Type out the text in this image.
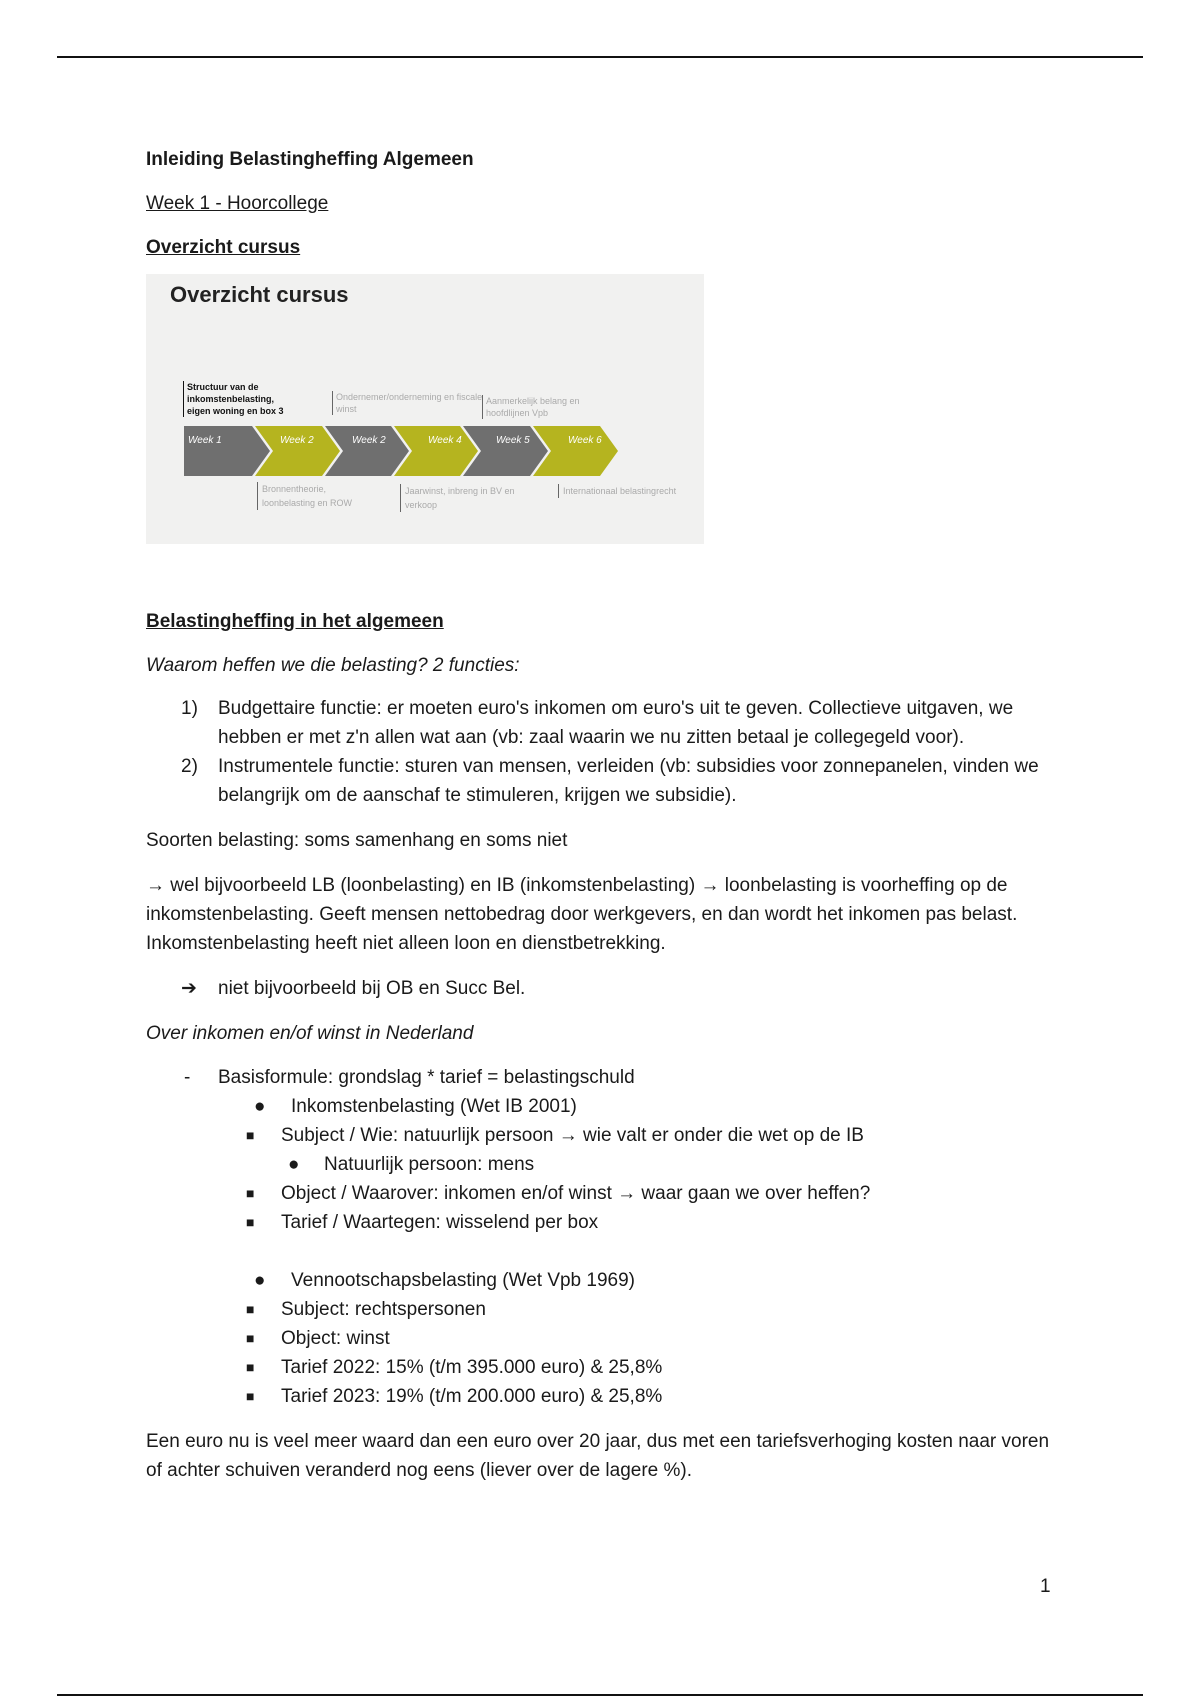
Inleiding Belastingheffing Algemeen

Week 1 - Hoorcollege

Overzicht cursus

Overzicht cursus
Structuur van de inkomstenbelasting, eigen woning en box 3
Ondernemer/onderneming en fiscale winst
Aanmerkelijk belang en hoofdlijnen Vpb
Week 1	Week 2	Week 2	Week 4	Week 5	Week 6
Bronnentheorie, loonbelasting en ROW
Jaarwinst, inbreng in BV en verkoop
Internationaal belastingrecht

Belastingheffing in het algemeen

Waarom heffen we die belasting? 2 functies:

1) Budgettaire functie: er moeten euro's inkomen om euro's uit te geven. Collectieve uitgaven, we hebben er met z'n allen wat aan (vb: zaal waarin we nu zitten betaal je collegegeld voor).
2) Instrumentele functie: sturen van mensen, verleiden (vb: subsidies voor zonnepanelen, vinden we belangrijk om de aanschaf te stimuleren, krijgen we subsidie).

Soorten belasting: soms samenhang en soms niet

→ wel bijvoorbeeld LB (loonbelasting) en IB (inkomstenbelasting) → loonbelasting is voorheffing op de inkomstenbelasting. Geeft mensen nettobedrag door werkgevers, en dan wordt het inkomen pas belast. Inkomstenbelasting heeft niet alleen loon en dienstbetrekking.

➔ niet bijvoorbeeld bij OB en Succ Bel.

Over inkomen en/of winst in Nederland

- Basisformule: grondslag * tarief = belastingschuld
● Inkomstenbelasting (Wet IB 2001)
■ Subject / Wie: natuurlijk persoon → wie valt er onder die wet op de IB
● Natuurlijk persoon: mens
■ Object / Waarover: inkomen en/of winst → waar gaan we over heffen?
■ Tarief / Waartegen: wisselend per box
● Vennootschapsbelasting (Wet Vpb 1969)
■ Subject: rechtspersonen
■ Object: winst
■ Tarief 2022: 15% (t/m 395.000 euro) & 25,8%
■ Tarief 2023: 19% (t/m 200.000 euro) & 25,8%

Een euro nu is veel meer waard dan een euro over 20 jaar, dus met een tariefsverhoging kosten naar voren of achter schuiven veranderd nog eens (liever over de lagere %).

1
